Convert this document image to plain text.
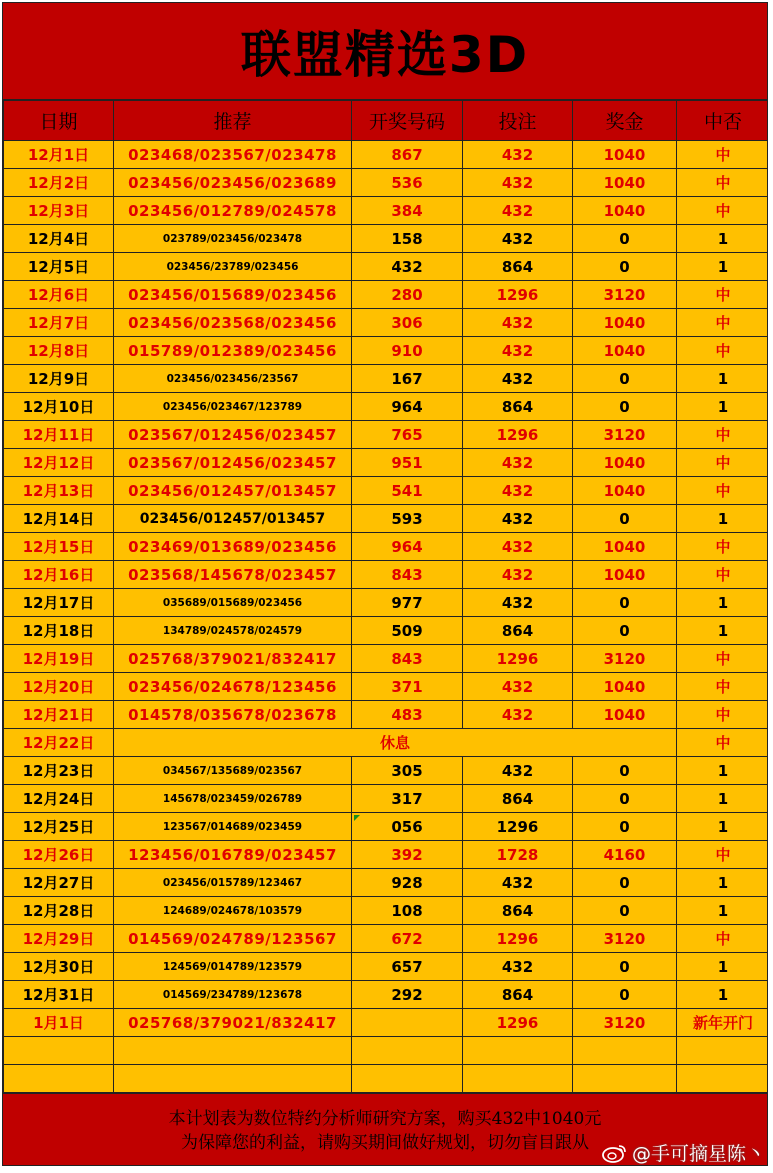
联盟精选3D
日期	推荐	开奖号码	投注	奖金	中否
12月1日	023468/023567/023478	867	432	1040	中
12月2日	023456/023456/023689	536	432	1040	中
12月3日	023456/012789/024578	384	432	1040	中
12月4日	023789/023456/023478	158	432	0	1
12月5日	023456/23789/023456	432	864	0	1
12月6日	023456/015689/023456	280	1296	3120	中
12月7日	023456/023568/023456	306	432	1040	中
12月8日	015789/012389/023456	910	432	1040	中
12月9日	023456/023456/23567	167	432	0	1
12月10日	023456/023467/123789	964	864	0	1
12月11日	023567/012456/023457	765	1296	3120	中
12月12日	023567/012456/023457	951	432	1040	中
12月13日	023456/012457/013457	541	432	1040	中
12月14日	023456/012457/013457	593	432	0	1
12月15日	023469/013689/023456	964	432	1040	中
12月16日	023568/145678/023457	843	432	1040	中
12月17日	035689/015689/023456	977	432	0	1
12月18日	134789/024578/024579	509	864	0	1
12月19日	025768/379021/832417	843	1296	3120	中
12月20日	023456/024678/123456	371	432	1040	中
12月21日	014578/035678/023678	483	432	1040	中
12月22日	休息				中
12月23日	034567/135689/023567	305	432	0	1
12月24日	145678/023459/026789	317	864	0	1
12月25日	123567/014689/023459	056	1296	0	1
12月26日	123456/016789/023457	392	1728	4160	中
12月27日	023456/015789/123467	928	432	0	1
12月28日	124689/024678/103579	108	864	0	1
12月29日	014569/024789/123567	672	1296	3120	中
12月30日	124569/014789/123579	657	432	0	1
12月31日	014569/234789/123678	292	864	0	1
1月1日	025768/379021/832417		1296	3120	新年开门

本计划表为数位特约分析师研究方案，购买432中1040元
为保障您的利益，请购买期间做好规划，切勿盲目跟从
@手可摘星陈丶
